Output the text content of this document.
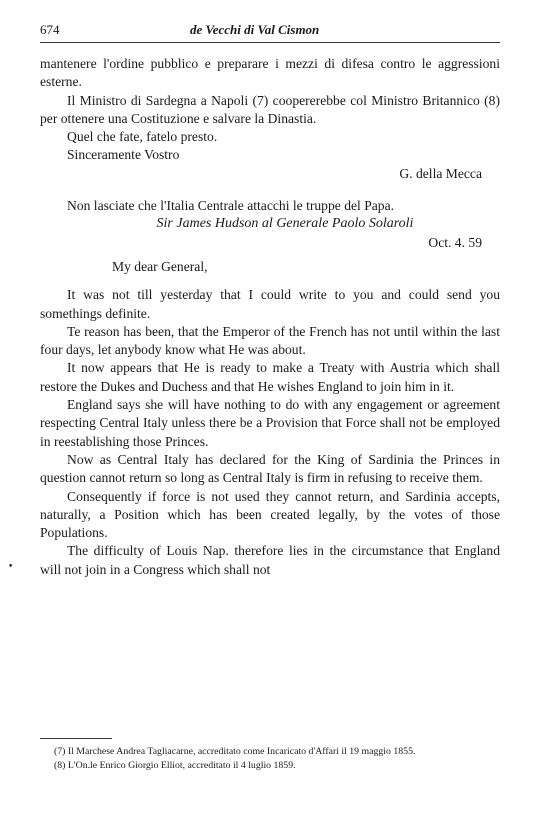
674	de Vecchi di Val Cismon

mantenere l'ordine pubblico e preparare i mezzi di difesa contro le aggressioni esterne.

Il Ministro di Sardegna a Napoli (7) coopererebbe col Ministro Britannico (8) per ottenere una Costituzione e salvare la Dinastia.

Quel che fate, fatelo presto.

Sinceramente Vostro

G. della Mecca

Non lasciate che l'Italia Centrale attacchi le truppe del Papa.

Sir James Hudson al Generale Paolo Solaroli

Oct. 4. 59

My dear General,

It was not till yesterday that I could write to you and could send you somethings definite.

Te reason has been, that the Emperor of the French has not until within the last four days, let anybody know what He was about.

It now appears that He is ready to make a Treaty with Austria which shall restore the Dukes and Duchess and that He wishes England to join him in it.

England says she will have nothing to do with any engagement or agreement respecting Central Italy unless there be a Provision that Force shall not be employed in reestablishing those Princes.

Now as Central Italy has declared for the King of Sardinia the Princes in question cannot return so long as Central Italy is firm in refusing to receive them.

Consequently if force is not used they cannot return, and Sardinia accepts, naturally, a Position which has been created legally, by the votes of those Populations.

The difficulty of Louis Nap. therefore lies in the circumstance that England will not join in a Congress which shall not

•

(7) Il Marchese Andrea Tagliacarne, accreditato come Incaricato d'Affari il 19 maggio 1855.

(8) L'On.le Enrico Giorgio Elliot, accreditato il 4 luglio 1859.
